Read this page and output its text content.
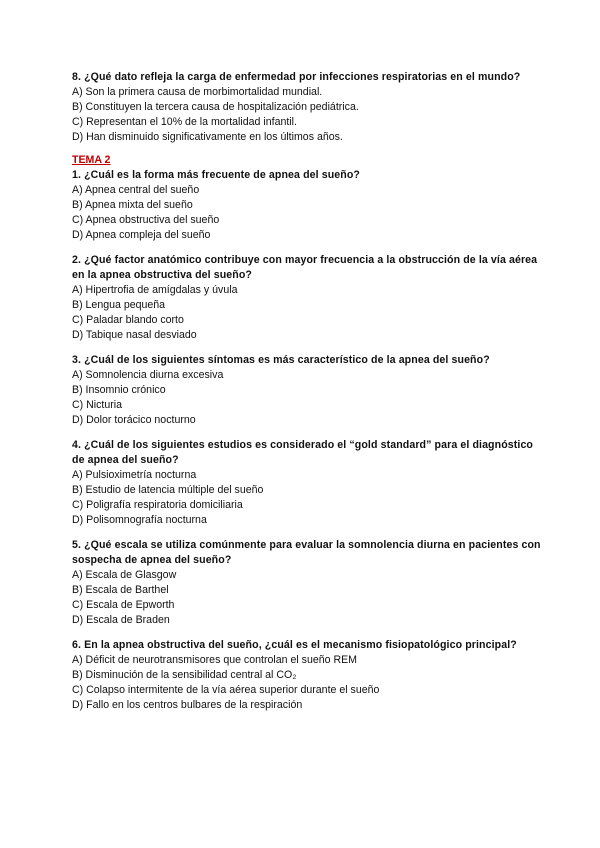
8. ¿Qué dato refleja la carga de enfermedad por infecciones respiratorias en el mundo?
A) Son la primera causa de morbimortalidad mundial.
B) Constituyen la tercera causa de hospitalización pediátrica.
C) Representan el 10% de la mortalidad infantil.
D) Han disminuido significativamente en los últimos años.
TEMA 2
1. ¿Cuál es la forma más frecuente de apnea del sueño?
A) Apnea central del sueño
B) Apnea mixta del sueño
C) Apnea obstructiva del sueño
D) Apnea compleja del sueño
2. ¿Qué factor anatómico contribuye con mayor frecuencia a la obstrucción de la vía aérea en la apnea obstructiva del sueño?
A) Hipertrofia de amígdalas y úvula
B) Lengua pequeña
C) Paladar blando corto
D) Tabique nasal desviado
3. ¿Cuál de los siguientes síntomas es más característico de la apnea del sueño?
A) Somnolencia diurna excesiva
B) Insomnio crónico
C) Nicturia
D) Dolor torácico nocturno
4. ¿Cuál de los siguientes estudios es considerado el “gold standard” para el diagnóstico de apnea del sueño?
A) Pulsioximetría nocturna
B) Estudio de latencia múltiple del sueño
C) Poligrafía respiratoria domiciliaria
D) Polisomnografía nocturna
5. ¿Qué escala se utiliza comúnmente para evaluar la somnolencia diurna en pacientes con sospecha de apnea del sueño?
A) Escala de Glasgow
B) Escala de Barthel
C) Escala de Epworth
D) Escala de Braden
6. En la apnea obstructiva del sueño, ¿cuál es el mecanismo fisiopatológico principal?
A) Déficit de neurotransmisores que controlan el sueño REM
B) Disminución de la sensibilidad central al CO₂
C) Colapso intermitente de la vía aérea superior durante el sueño
D) Fallo en los centros bulbares de la respiración
